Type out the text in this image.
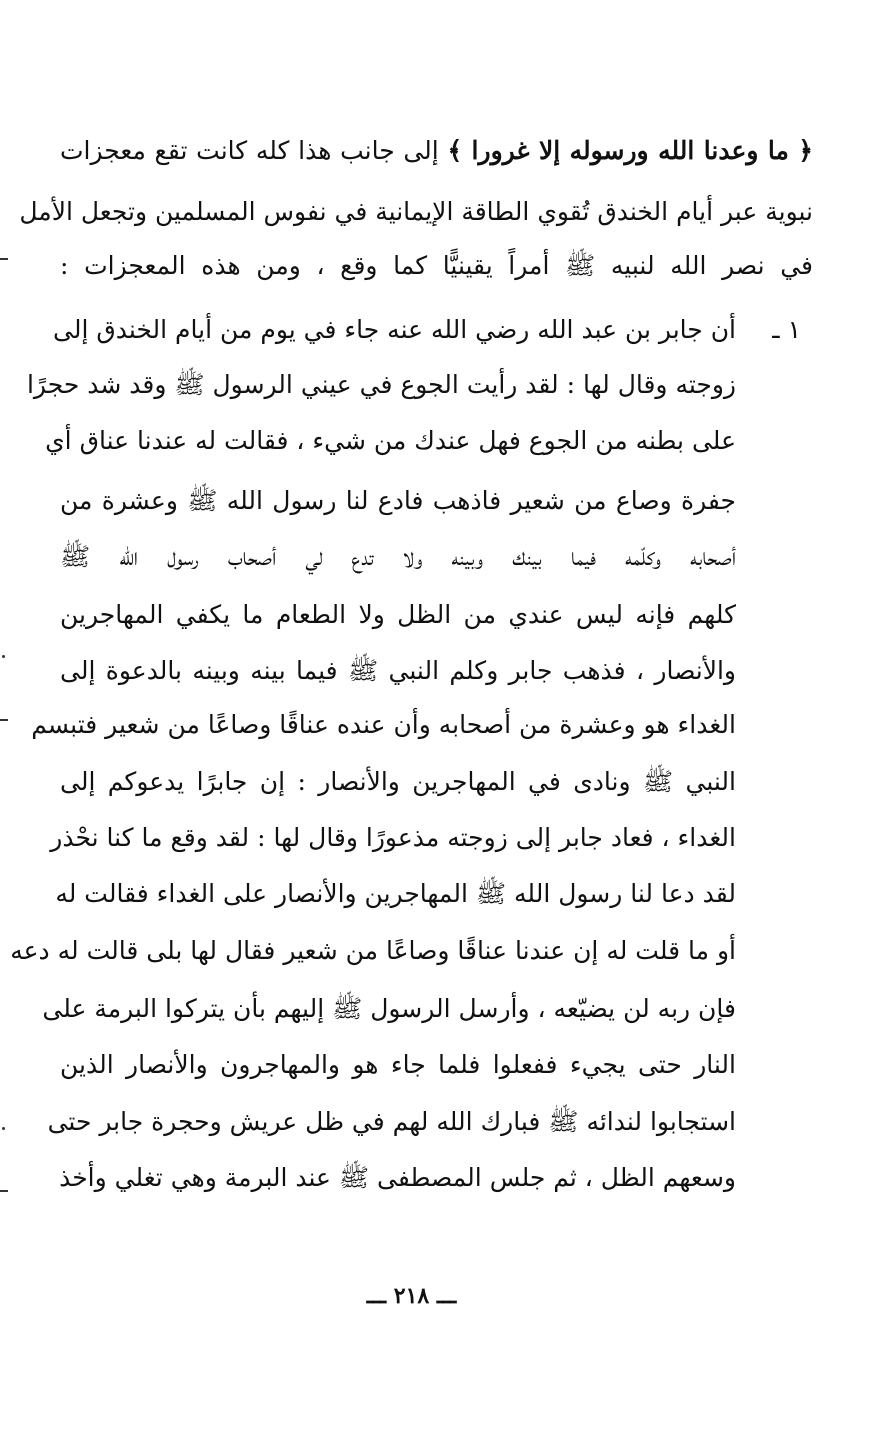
﴿ ما وعدنا الله ورسوله إلا غرورا ﴾ إلى جانب هذا كله كانت تقع معجزات
نبوية عبر أيام الخندق تُقوي الطاقة الإيمانية في نفوس المسلمين وتجعل الأمل
في نصر الله لنبيه ﷺ أمراً يقينيًّا كما وقع ، ومن هذه المعجزات :
١ ـ
أن جابر بن عبد الله رضي الله عنه جاء في يوم من أيام الخندق إلى
زوجته وقال لها : لقد رأيت الجوع في عيني الرسول ﷺ وقد شد حجرًا
على بطنه من الجوع فهل عندك من شيء ، فقالت له عندنا عناق أي
جفرة وصاع من شعير فاذهب فادع لنا رسول الله ﷺ وعشرة من
أصحابه وكلّمه فيما بينك وبينه ولا تدع لي أصحاب رسول الله ﷺ
كلهم فإنه ليس عندي من الظل ولا الطعام ما يكفي المهاجرين
والأنصار ، فذهب جابر وكلم النبي ﷺ فيما بينه وبينه بالدعوة إلى
الغداء هو وعشرة من أصحابه وأن عنده عناقًا وصاعًا من شعير فتبسم
النبي ﷺ ونادى في المهاجرين والأنصار : إن جابرًا يدعوكم إلى
الغداء ، فعاد جابر إلى زوجته مذعورًا وقال لها : لقد وقع ما كنا نحْذر
لقد دعا لنا رسول الله ﷺ المهاجرين والأنصار على الغداء فقالت له
أو ما قلت له إن عندنا عناقًا وصاعًا من شعير فقال لها بلى قالت له دعه
فإن ربه لن يضيّعه ، وأرسل الرسول ﷺ إليهم بأن يتركوا البرمة على
النار حتى يجيء ففعلوا فلما جاء هو والمهاجرون والأنصار الذين
استجابوا لندائه ﷺ فبارك الله لهم في ظل عريش وحجرة جابر حتى
وسعهم الظل ، ثم جلس المصطفى ﷺ عند البرمة وهي تغلي وأخذ
ـــ ٢١٨ ـــ
